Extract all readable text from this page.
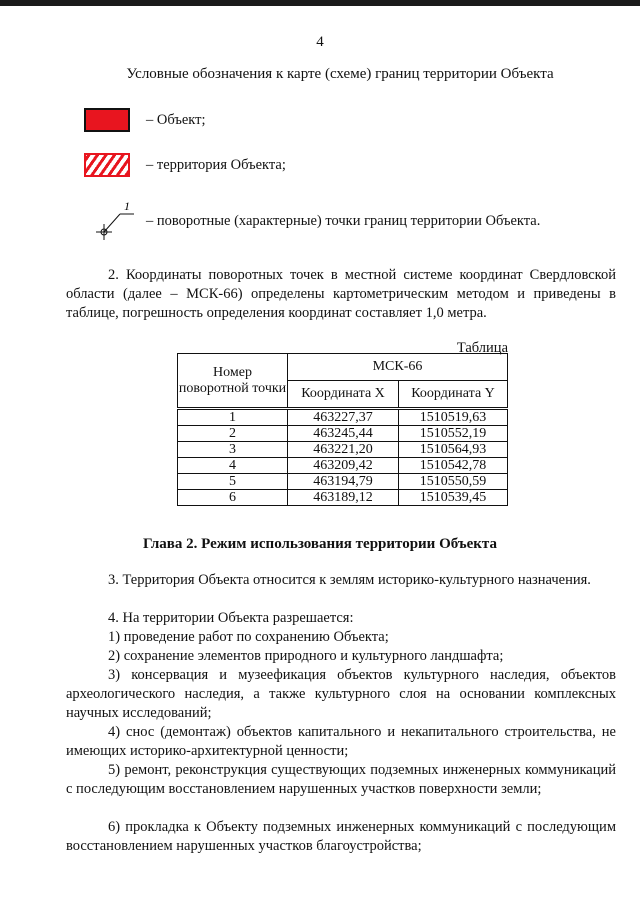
4
Условные обозначения к карте (схеме) границ территории Объекта
– Объект;
– территория Объекта;
1
– поворотные (характерные) точки границ территории Объекта.
2. Координаты поворотных точек в местной системе координат Свердловской области (далее – МСК-66) определены картометрическим методом и приведены в таблице, погрешность определения координат составляет 1,0 метра.
Таблица
Номер поворотной точки	МСК-66	
	Координата X	Координата Y
1	463227,37	1510519,63
2	463245,44	1510552,19
3	463221,20	1510564,93
4	463209,42	1510542,78
5	463194,79	1510550,59
6	463189,12	1510539,45
Глава 2. Режим использования территории Объекта
3. Территория Объекта относится к землям историко-культурного назначения.
4. На территории Объекта разрешается:
1) проведение работ по сохранению Объекта;
2) сохранение элементов природного и культурного ландшафта;
3) консервация и музеефикация объектов культурного наследия, объектов археологического наследия, а также культурного слоя на основании комплексных научных исследований;
4) снос (демонтаж) объектов капитального и некапитального строительства, не имеющих историко-архитектурной ценности;
5) ремонт, реконструкция существующих подземных инженерных коммуникаций с последующим восстановлением нарушенных участков поверхности земли;
6) прокладка к Объекту подземных инженерных коммуникаций с последующим восстановлением нарушенных участков благоустройства;
